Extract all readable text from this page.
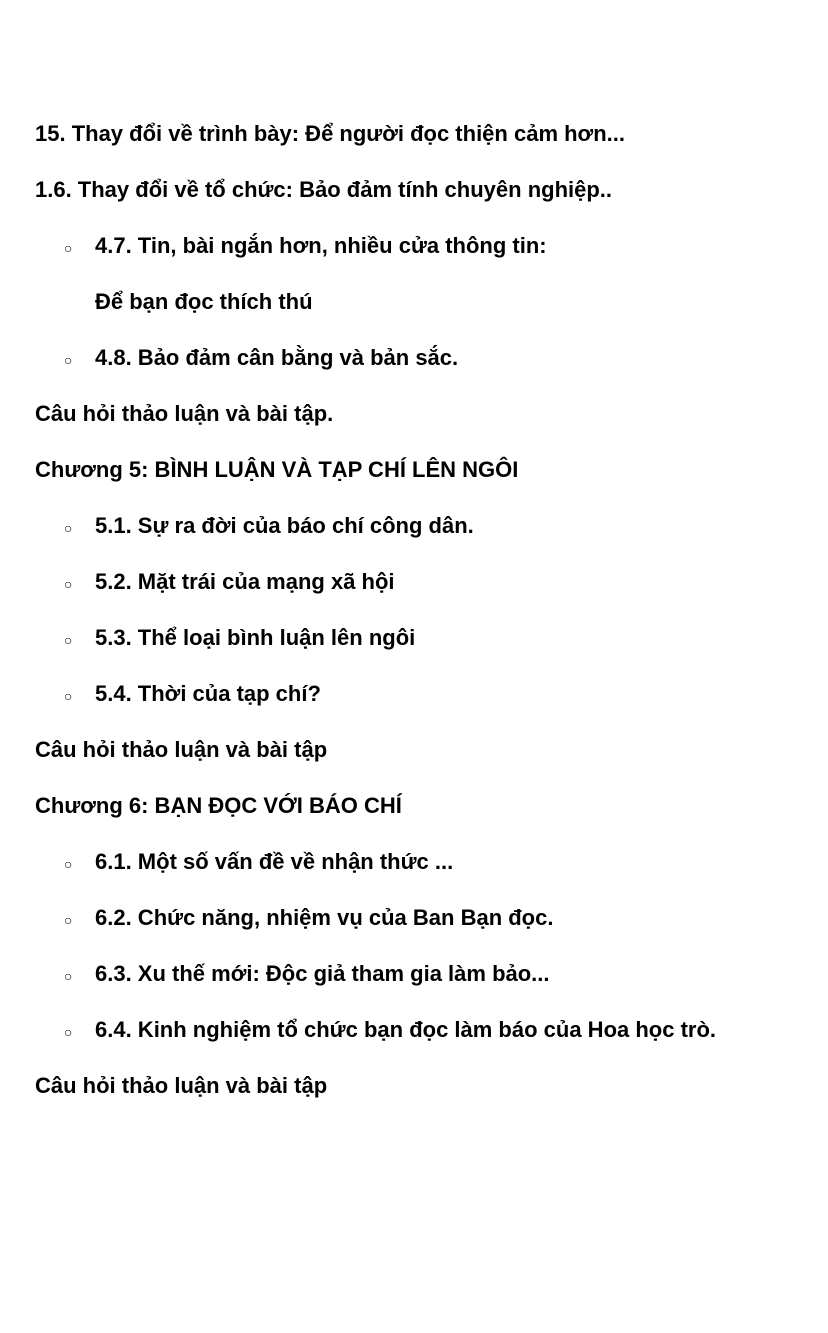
15. Thay đổi về trình bày: Để người đọc thiện cảm hơn...
1.6. Thay đổi về tổ chức: Bảo đảm tính chuyên nghiệp..
○ 4.7. Tin, bài ngắn hơn, nhiều cửa thông tin:
Để bạn đọc thích thú
○ 4.8. Bảo đảm cân bằng và bản sắc.
Câu hỏi thảo luận và bài tập.
Chương 5: BÌNH LUẬN VÀ TẠP CHÍ LÊN NGÔI
○ 5.1. Sự ra đời của báo chí công dân.
○ 5.2. Mặt trái của mạng xã hội
○ 5.3. Thể loại bình luận lên ngôi
○ 5.4. Thời của tạp chí?
Câu hỏi thảo luận và bài tập
Chương 6: BẠN ĐỌC VỚI BÁO CHÍ
○ 6.1. Một số vấn đề về nhận thức ...
○ 6.2. Chức năng, nhiệm vụ của Ban Bạn đọc.
○ 6.3. Xu thế mới: Độc giả tham gia làm bảo...
○ 6.4. Kinh nghiệm tổ chức bạn đọc làm báo của Hoa học trò.
Câu hỏi thảo luận và bài tập
